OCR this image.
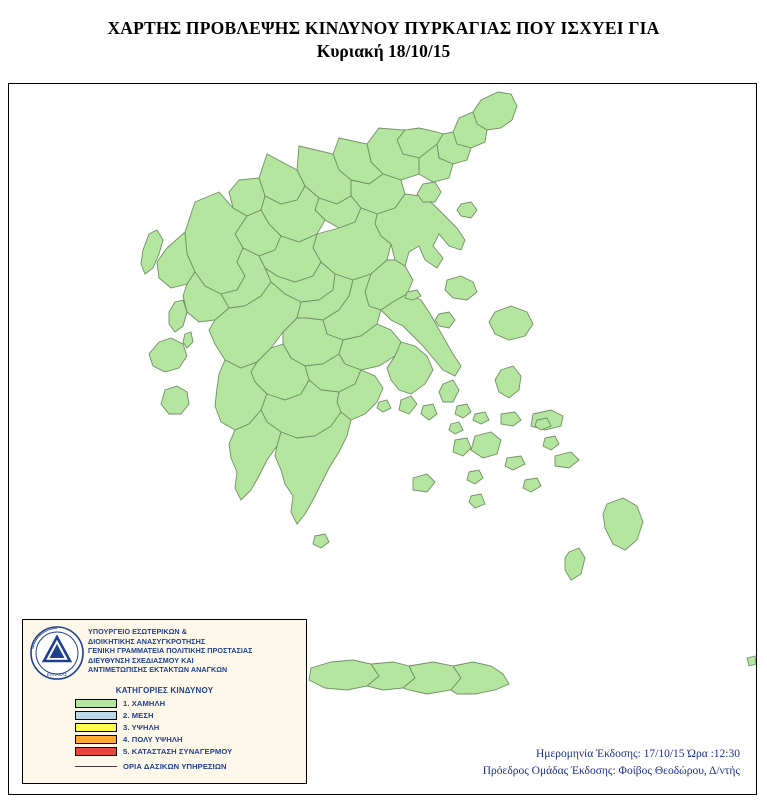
ΧΑΡΤΗΣ ΠΡΟΒΛΕΨΗΣ ΚΙΝΔΥΝΟΥ ΠΥΡΚΑΓΙΑΣ ΠΟΥ ΙΣΧΥΕΙ ΓΙΑ
Κυριακή 18/10/15
ΕΛΛΑΔΑΣ
ΥΠΟΥΡΓΕΙΟ ΕΣΩΤΕΡΙΚΩΝ &
ΔΙΟΙΚΗΤΙΚΗΣ ΑΝΑΣΥΓΚΡΟΤΗΣΗΣ
ΓΕΝΙΚΗ ΓΡΑΜΜΑΤΕΙΑ ΠΟΛΙΤΙΚΗΣ ΠΡΟΣΤΑΣΙΑΣ
ΔΙΕΥΘΥΝΣΗ ΣΧΕΔΙΑΣΜΟΥ ΚΑΙ
ΑΝΤΙΜΕΤΩΠΙΣΗΣ ΕΚΤΑΚΤΩΝ ΑΝΑΓΚΩΝ
ΚΑΤΗΓΟΡΙΕΣ ΚΙΝΔΥΝΟΥ
1. ΧΑΜΗΛΗ
2. ΜΕΣΗ
3. ΥΨΗΛΗ
4. ΠΟΛΥ ΥΨΗΛΗ
5. ΚΑΤΑΣΤΑΣΗ ΣΥΝΑΓΕΡΜΟΥ
ΟΡΙΑ ΔΑΣΙΚΩΝ ΥΠΗΡΕΣΙΩΝ
Ημερομηνία Έκδοσης: 17/10/15 Ώρα :12:30
Πρόεδρος Ομάδας Έκδοσης: Φοίβος Θεοδώρου, Δ/ντής
